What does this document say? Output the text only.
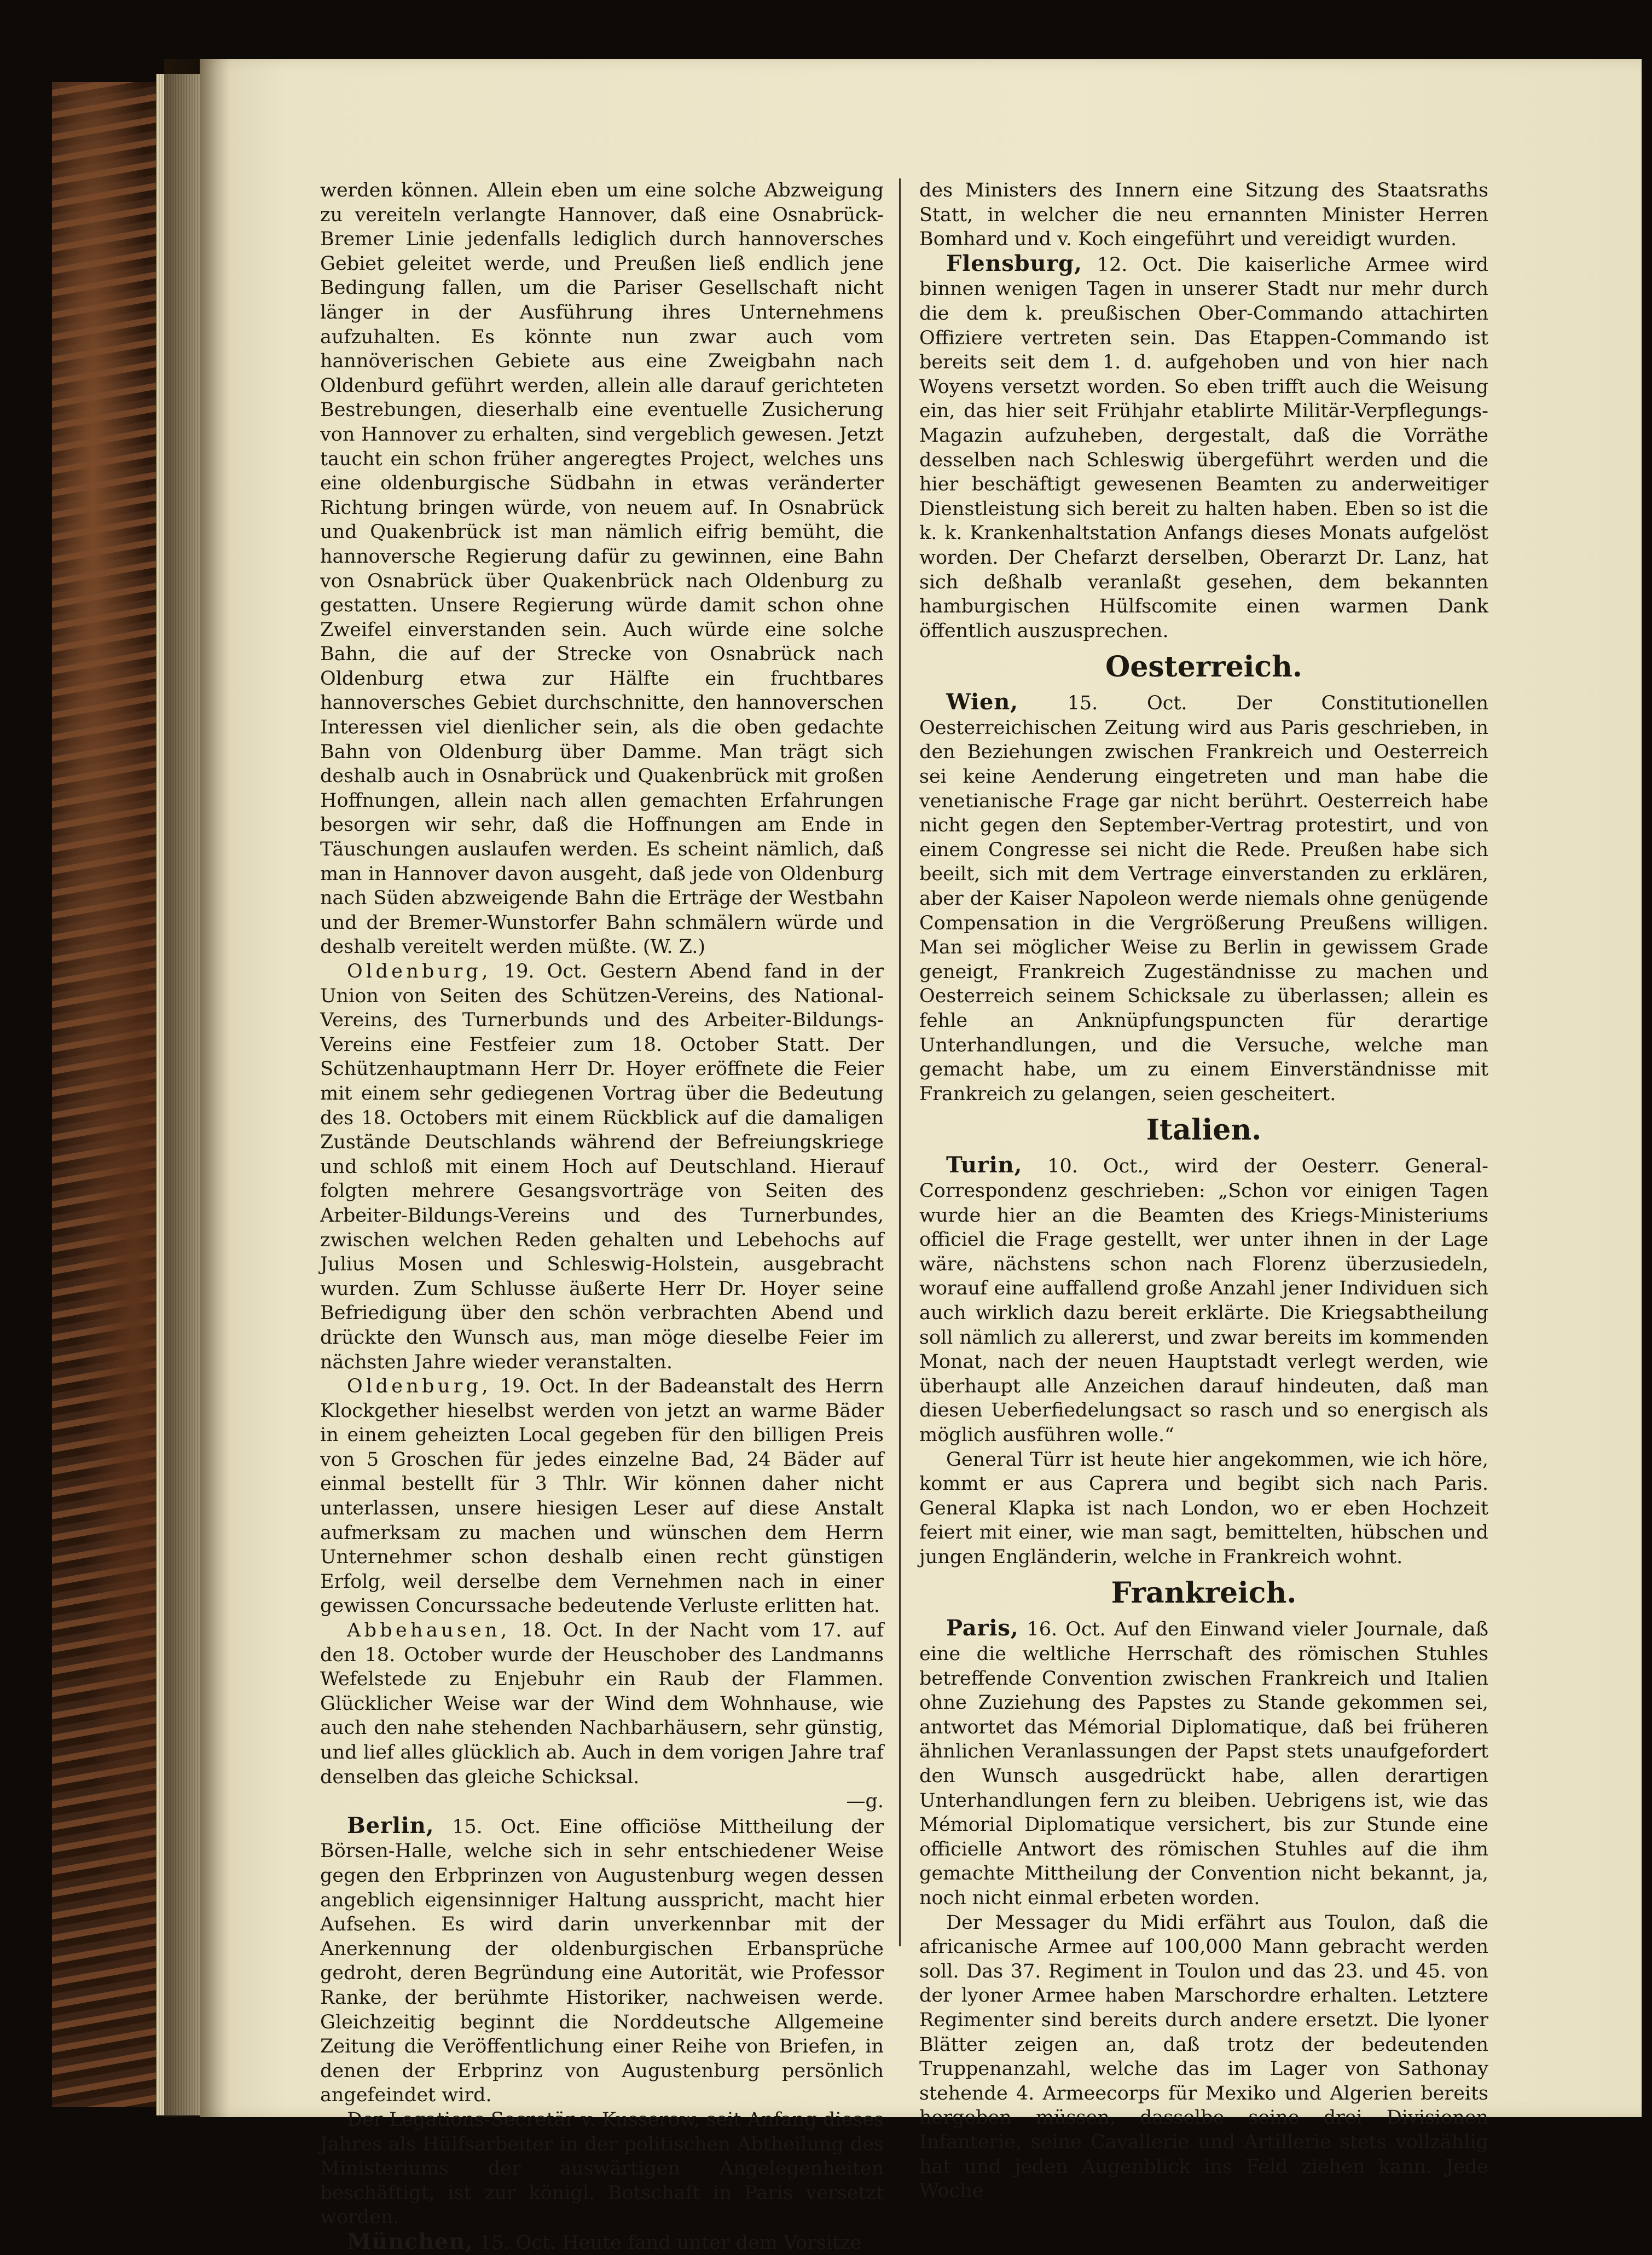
werden können. Allein eben um eine solche Abzweigung zu vereiteln verlangte Hannover, daß eine Osnabrück-Bremer Linie jedenfalls lediglich durch hannoversches Gebiet geleitet werde, und Preußen ließ endlich jene Bedingung fallen, um die Pariser Gesellschaft nicht länger in der Ausführung ihres Unternehmens aufzuhalten. Es könnte nun zwar auch vom hannöverischen Gebiete aus eine Zweigbahn nach Oldenburd geführt werden, allein alle darauf gerichteten Bestrebungen, dieserhalb eine eventuelle Zusicherung von Hannover zu erhalten, sind vergeblich gewesen. Jetzt taucht ein schon früher angeregtes Project, welches uns eine oldenburgische Südbahn in etwas veränderter Richtung bringen würde, von neuem auf. In Osnabrück und Quakenbrück ist man nämlich eifrig bemüht, die hannoversche Regierung dafür zu gewinnen, eine Bahn von Osnabrück über Quakenbrück nach Oldenburg zu gestatten. Unsere Regierung würde damit schon ohne Zweifel einverstanden sein. Auch würde eine solche Bahn, die auf der Strecke von Osnabrück nach Oldenburg etwa zur Hälfte ein fruchtbares hannoversches Gebiet durchschnitte, den hannoverschen Interessen viel dienlicher sein, als die oben gedachte Bahn von Oldenburg über Damme. Man trägt sich deshalb auch in Osnabrück und Quakenbrück mit großen Hoffnungen, allein nach allen gemachten Erfahrungen besorgen wir sehr, daß die Hoffnungen am Ende in Täuschungen auslaufen werden. Es scheint nämlich, daß man in Hannover davon ausgeht, daß jede von Oldenburg nach Süden abzweigende Bahn die Erträge der Westbahn und der Bremer-Wunstorfer Bahn schmälern würde und deshalb vereitelt werden müßte. (W. Z.)

Oldenburg, 19. Oct. Gestern Abend fand in der Union von Seiten des Schützen-Vereins, des National-Vereins, des Turnerbunds und des Arbeiter-Bildungs-Vereins eine Festfeier zum 18. October Statt. Der Schützenhauptmann Herr Dr. Hoyer eröffnete die Feier mit einem sehr gediegenen Vortrag über die Bedeutung des 18. Octobers mit einem Rückblick auf die damaligen Zustände Deutschlands während der Befreiungskriege und schloß mit einem Hoch auf Deutschland. Hierauf folgten mehrere Gesangsvorträge von Seiten des Arbeiter-Bildungs-Vereins und des Turnerbundes, zwischen welchen Reden gehalten und Lebehochs auf Julius Mosen und Schleswig-Holstein, ausgebracht wurden. Zum Schlusse äußerte Herr Dr. Hoyer seine Befriedigung über den schön verbrachten Abend und drückte den Wunsch aus, man möge dieselbe Feier im nächsten Jahre wieder veranstalten.

Oldenburg, 19. Oct. In der Badeanstalt des Herrn Klockgether hieselbst werden von jetzt an warme Bäder in einem geheizten Local gegeben für den billigen Preis von 5 Groschen für jedes einzelne Bad, 24 Bäder auf einmal bestellt für 3 Thlr. Wir können daher nicht unterlassen, unsere hiesigen Leser auf diese Anstalt aufmerksam zu machen und wünschen dem Herrn Unternehmer schon deshalb einen recht günstigen Erfolg, weil derselbe dem Vernehmen nach in einer gewissen Concurssache bedeutende Verluste erlitten hat.

Abbehausen, 18. Oct. In der Nacht vom 17. auf den 18. October wurde der Heuschober des Landmanns Wefelstede zu Enjebuhr ein Raub der Flammen. Glücklicher Weise war der Wind dem Wohnhause, wie auch den nahe stehenden Nachbarhäusern, sehr günstig, und lief alles glücklich ab. Auch in dem vorigen Jahre traf denselben das gleiche Schicksal.

—g.

Berlin, 15. Oct. Eine officiöse Mittheilung der Börsen-Halle, welche sich in sehr entschiedener Weise gegen den Erbprinzen von Augustenburg wegen dessen angeblich eigensinniger Haltung ausspricht, macht hier Aufsehen. Es wird darin unverkennbar mit der Anerkennung der oldenburgischen Erbansprüche gedroht, deren Begründung eine Autorität, wie Professor Ranke, der berühmte Historiker, nachweisen werde. Gleichzeitig beginnt die Norddeutsche Allgemeine Zeitung die Veröffentlichung einer Reihe von Briefen, in denen der Erbprinz von Augustenburg persönlich angefeindet wird.

Der Legations-Secretär v. Kusserow, seit Anfang dieses Jahres als Hülfsarbeiter in der politischen Abtheilung des Ministeriums der auswärtigen Angelegenheiten beschäftigt, ist zur königl. Botschaft in Paris versetzt worden.

München, 15. Oct. Heute fand unter dem Vorsitze

des Ministers des Innern eine Sitzung des Staatsraths Statt, in welcher die neu ernannten Minister Herren Bomhard und v. Koch eingeführt und vereidigt wurden.

Flensburg, 12. Oct. Die kaiserliche Armee wird binnen wenigen Tagen in unserer Stadt nur mehr durch die dem k. preußischen Ober-Commando attachirten Offiziere vertreten sein. Das Etappen-Commando ist bereits seit dem 1. d. aufgehoben und von hier nach Woyens versetzt worden. So eben trifft auch die Weisung ein, das hier seit Frühjahr etablirte Militär-Verpflegungs-Magazin aufzuheben, dergestalt, daß die Vorräthe desselben nach Schleswig übergeführt werden und die hier beschäftigt gewesenen Beamten zu anderweitiger Dienstleistung sich bereit zu halten haben. Eben so ist die k. k. Krankenhaltstation Anfangs dieses Monats aufgelöst worden. Der Chefarzt derselben, Oberarzt Dr. Lanz, hat sich deßhalb veranlaßt gesehen, dem bekannten hamburgischen Hülfscomite einen warmen Dank öffentlich auszusprechen.

Oesterreich.

Wien, 15. Oct. Der Constitutionellen Oesterreichischen Zeitung wird aus Paris geschrieben, in den Beziehungen zwischen Frankreich und Oesterreich sei keine Aenderung eingetreten und man habe die venetianische Frage gar nicht berührt. Oesterreich habe nicht gegen den September-Vertrag protestirt, und von einem Congresse sei nicht die Rede. Preußen habe sich beeilt, sich mit dem Vertrage einverstanden zu erklären, aber der Kaiser Napoleon werde niemals ohne genügende Compensation in die Vergrößerung Preußens willigen. Man sei möglicher Weise zu Berlin in gewissem Grade geneigt, Frankreich Zugeständnisse zu machen und Oesterreich seinem Schicksale zu überlassen; allein es fehle an Anknüpfungspuncten für derartige Unterhandlungen, und die Versuche, welche man gemacht habe, um zu einem Einverständnisse mit Frankreich zu gelangen, seien gescheitert.

Italien.

Turin, 10. Oct., wird der Oesterr. General-Correspondenz geschrieben: „Schon vor einigen Tagen wurde hier an die Beamten des Kriegs-Ministeriums officiel die Frage gestellt, wer unter ihnen in der Lage wäre, nächstens schon nach Florenz überzusiedeln, worauf eine auffallend große Anzahl jener Individuen sich auch wirklich dazu bereit erklärte. Die Kriegsabtheilung soll nämlich zu allererst, und zwar bereits im kommenden Monat, nach der neuen Hauptstadt verlegt werden, wie überhaupt alle Anzeichen darauf hindeuten, daß man diesen Ueberfiedelungsact so rasch und so energisch als möglich ausführen wolle.“

General Türr ist heute hier angekommen, wie ich höre, kommt er aus Caprera und begibt sich nach Paris. General Klapka ist nach London, wo er eben Hochzeit feiert mit einer, wie man sagt, bemittelten, hübschen und jungen Engländerin, welche in Frankreich wohnt.

Frankreich.

Paris, 16. Oct. Auf den Einwand vieler Journale, daß eine die weltliche Herrschaft des römischen Stuhles betreffende Convention zwischen Frankreich und Italien ohne Zuziehung des Papstes zu Stande gekommen sei, antwortet das Mémorial Diplomatique, daß bei früheren ähnlichen Veranlassungen der Papst stets unaufgefordert den Wunsch ausgedrückt habe, allen derartigen Unterhandlungen fern zu bleiben. Uebrigens ist, wie das Mémorial Diplomatique versichert, bis zur Stunde eine officielle Antwort des römischen Stuhles auf die ihm gemachte Mittheilung der Convention nicht bekannt, ja, noch nicht einmal erbeten worden.

Der Messager du Midi erfährt aus Toulon, daß die africanische Armee auf 100,000 Mann gebracht werden soll. Das 37. Regiment in Toulon und das 23. und 45. von der lyoner Armee haben Marschordre erhalten. Letztere Regimenter sind bereits durch andere ersetzt. Die lyoner Blätter zeigen an, daß trotz der bedeutenden Truppenanzahl, welche das im Lager von Sathonay stehende 4. Armeecorps für Mexiko und Algerien bereits hergeben müssen, dasselbe seine drei Divisionen Infanterie, seine Cavallerie und Artillerie stets vollzählig hat und jeden Augenblick ins Feld ziehen kann. Jede Woche
